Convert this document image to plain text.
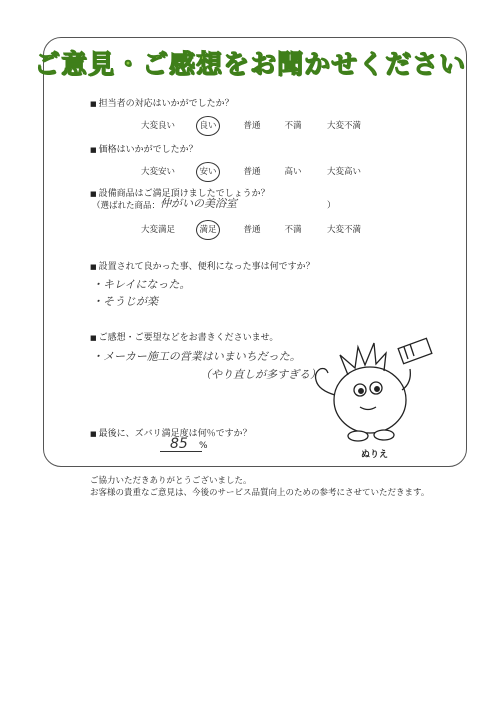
ご意見・ご感想をお聞かせください
■ 担当者の対応はいかがでしたか？
大変良い	良い	普通	不満	大変不満
■ 価格はいかがでしたか？
大変安い	安い	普通	高い	大変高い
■ 設備商品はご満足頂けましたでしょうか？
（選ばれた商品： 仲がいの美浴室	）
大変満足	満足	普通	不満	大変不満
■ 設置されて良かった事、便利になった事は何ですか？
・キレイになった。
・そうじが楽
■ ご感想・ご要望などをお書きくださいませ。
・メーカー施工の営業はいまいちだった。
（やり直しが多すぎる）
■ 最後に、ズバリ満足度は何％ですか？
85 %
ぬりえ
ご協力いただきありがとうございました。
お客様の貴重なご意見は、今後のサービス品質向上のための参考にさせていただきます。
